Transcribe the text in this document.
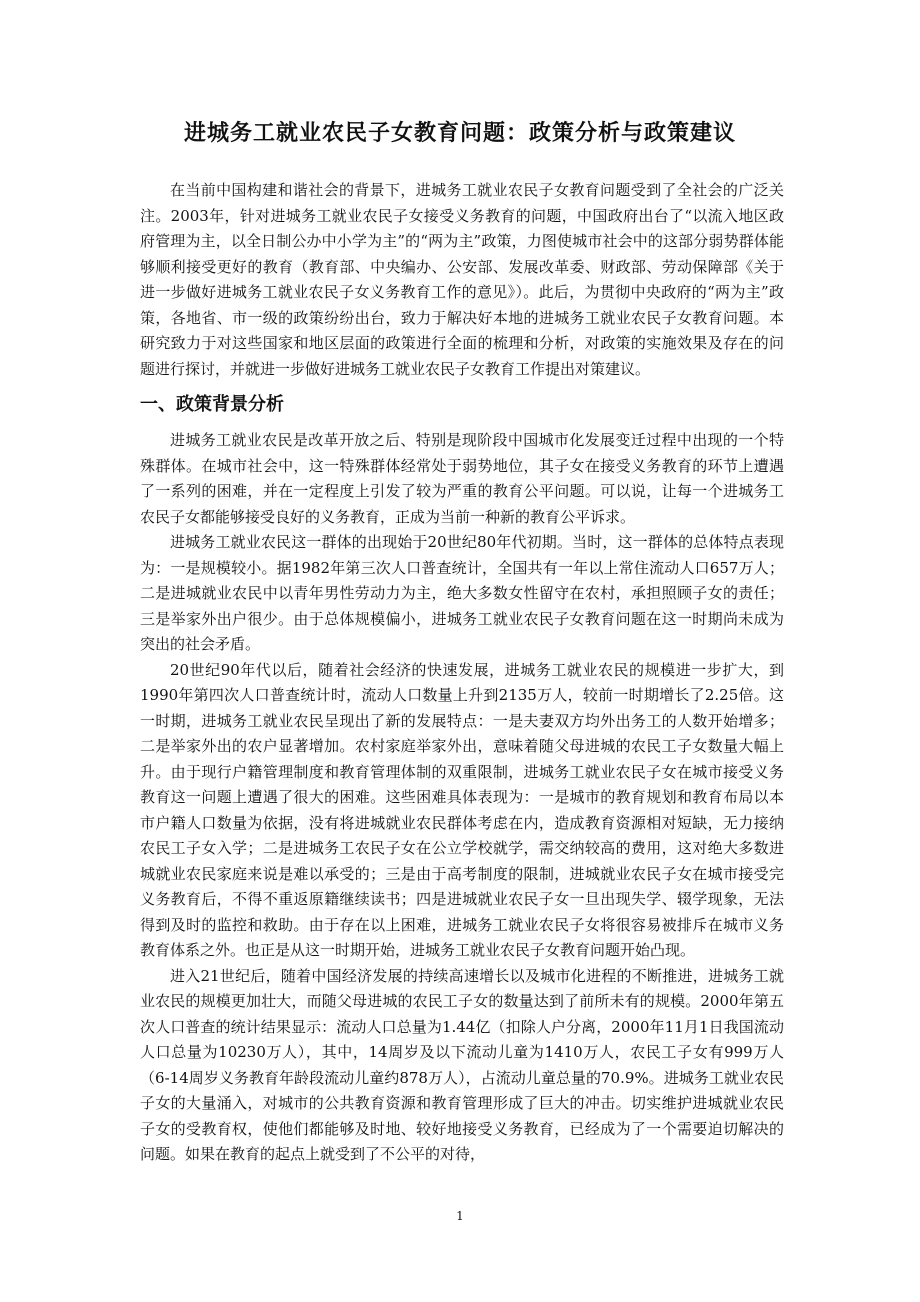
进城务工就业农民子女教育问题：政策分析与政策建议

在当前中国构建和谐社会的背景下，进城务工就业农民子女教育问题受到了全社会的广泛关注。2003年，针对进城务工就业农民子女接受义务教育的问题，中国政府出台了“以流入地区政府管理为主，以全日制公办中小学为主”的“两为主”政策，力图使城市社会中的这部分弱势群体能够顺利接受更好的教育（教育部、中央编办、公安部、发展改革委、财政部、劳动保障部《关于进一步做好进城务工就业农民子女义务教育工作的意见》）。此后，为贯彻中央政府的“两为主”政策，各地省、市一级的政策纷纷出台，致力于解决好本地的进城务工就业农民子女教育问题。本研究致力于对这些国家和地区层面的政策进行全面的梳理和分析，对政策的实施效果及存在的问题进行探讨，并就进一步做好进城务工就业农民子女教育工作提出对策建议。

一、政策背景分析

进城务工就业农民是改革开放之后、特别是现阶段中国城市化发展变迁过程中出现的一个特殊群体。在城市社会中，这一特殊群体经常处于弱势地位，其子女在接受义务教育的环节上遭遇了一系列的困难，并在一定程度上引发了较为严重的教育公平问题。可以说，让每一个进城务工农民子女都能够接受良好的义务教育，正成为当前一种新的教育公平诉求。

进城务工就业农民这一群体的出现始于20世纪80年代初期。当时，这一群体的总体特点表现为：一是规模较小。据1982年第三次人口普查统计，全国共有一年以上常住流动人口657万人；二是进城就业农民中以青年男性劳动力为主，绝大多数女性留守在农村，承担照顾子女的责任；三是举家外出户很少。由于总体规模偏小，进城务工就业农民子女教育问题在这一时期尚未成为突出的社会矛盾。

20世纪90年代以后，随着社会经济的快速发展，进城务工就业农民的规模进一步扩大，到1990年第四次人口普查统计时，流动人口数量上升到2135万人，较前一时期增长了2.25倍。这一时期，进城务工就业农民呈现出了新的发展特点：一是夫妻双方均外出务工的人数开始增多；二是举家外出的农户显著增加。农村家庭举家外出，意味着随父母进城的农民工子女数量大幅上升。由于现行户籍管理制度和教育管理体制的双重限制，进城务工就业农民子女在城市接受义务教育这一问题上遭遇了很大的困难。这些困难具体表现为：一是城市的教育规划和教育布局以本市户籍人口数量为依据，没有将进城就业农民群体考虑在内，造成教育资源相对短缺，无力接纳农民工子女入学；二是进城务工农民子女在公立学校就学，需交纳较高的费用，这对绝大多数进城就业农民家庭来说是难以承受的；三是由于高考制度的限制，进城就业农民子女在城市接受完义务教育后，不得不重返原籍继续读书；四是进城就业农民子女一旦出现失学、辍学现象，无法得到及时的监控和救助。由于存在以上困难，进城务工就业农民子女将很容易被排斥在城市义务教育体系之外。也正是从这一时期开始，进城务工就业农民子女教育问题开始凸现。

进入21世纪后，随着中国经济发展的持续高速增长以及城市化进程的不断推进，进城务工就业农民的规模更加壮大，而随父母进城的农民工子女的数量达到了前所未有的规模。2000年第五次人口普查的统计结果显示：流动人口总量为1.44亿（扣除人户分离，2000年11月1日我国流动人口总量为10230万人），其中，14周岁及以下流动儿童为1410万人，农民工子女有999万人（6-14周岁义务教育年龄段流动儿童约878万人），占流动儿童总量的70.9%。进城务工就业农民子女的大量涌入，对城市的公共教育资源和教育管理形成了巨大的冲击。切实维护进城就业农民子女的受教育权，使他们都能够及时地、较好地接受义务教育，已经成为了一个需要迫切解决的问题。如果在教育的起点上就受到了不公平的对待，

1
